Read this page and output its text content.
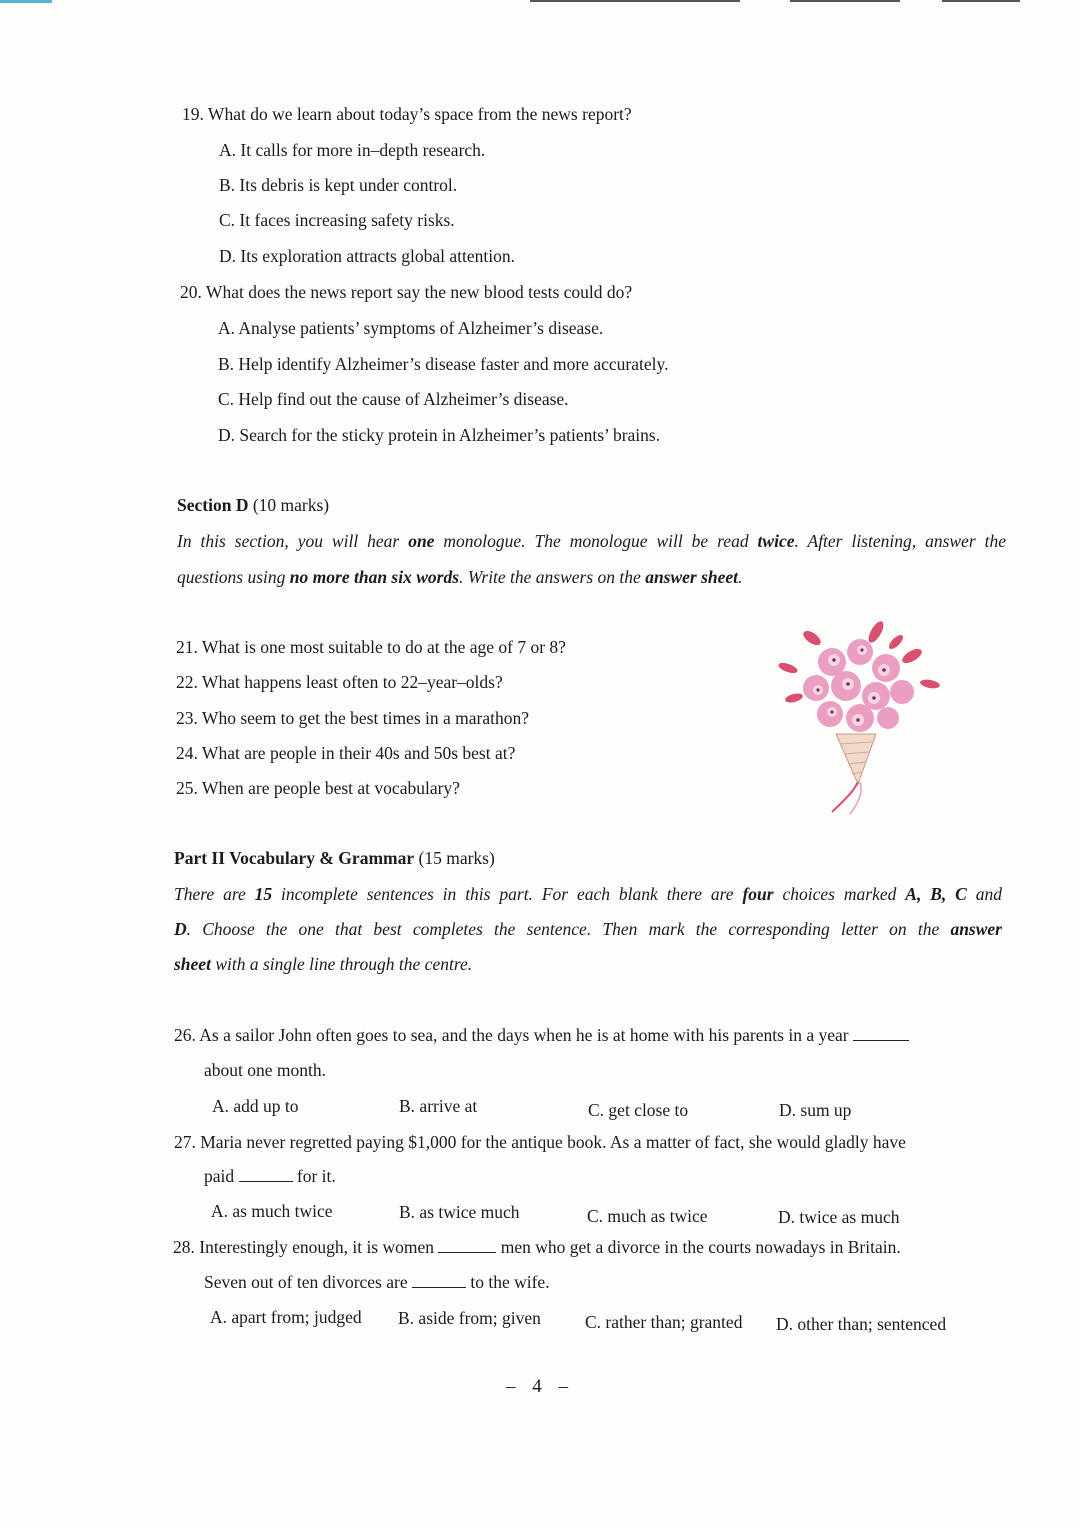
19. What do we learn about today’s space from the news report?
A. It calls for more in–depth research.
B. Its debris is kept under control.
C. It faces increasing safety risks.
D. Its exploration attracts global attention.
20. What does the news report say the new blood tests could do?
A. Analyse patients’ symptoms of Alzheimer’s disease.
B. Help identify Alzheimer’s disease faster and more accurately.
C. Help find out the cause of Alzheimer’s disease.
D. Search for the sticky protein in Alzheimer’s patients’ brains.
Section D (10 marks)
In this section, you will hear one monologue. The monologue will be read twice. After listening, answer the
questions using no more than six words. Write the answers on the answer sheet.
21. What is one most suitable to do at the age of 7 or 8?
22. What happens least often to 22–year–olds?
23. Who seem to get the best times in a marathon?
24. What are people in their 40s and 50s best at?
25. When are people best at vocabulary?
Part II Vocabulary & Grammar (15 marks)
There are 15 incomplete sentences in this part. For each blank there are four choices marked A, B, C and
D. Choose the one that best completes the sentence. Then mark the corresponding letter on the answer
sheet with a single line through the centre.
26. As a sailor John often goes to sea, and the days when he is at home with his parents in a year
about one month.
A. add up to	B. arrive at	C. get close to	D. sum up
27. Maria never regretted paying $1,000 for the antique book. As a matter of fact, she would gladly have
paid	for it.
A. as much twice	B. as twice much	C. much as twice	D. twice as much
28. Interestingly enough, it is women	men who get a divorce in the courts nowadays in Britain.
Seven out of ten divorces are	to the wife.
A. apart from; judged B. aside from; given	C. rather than; granted D. other than; sentenced
– 4 –
